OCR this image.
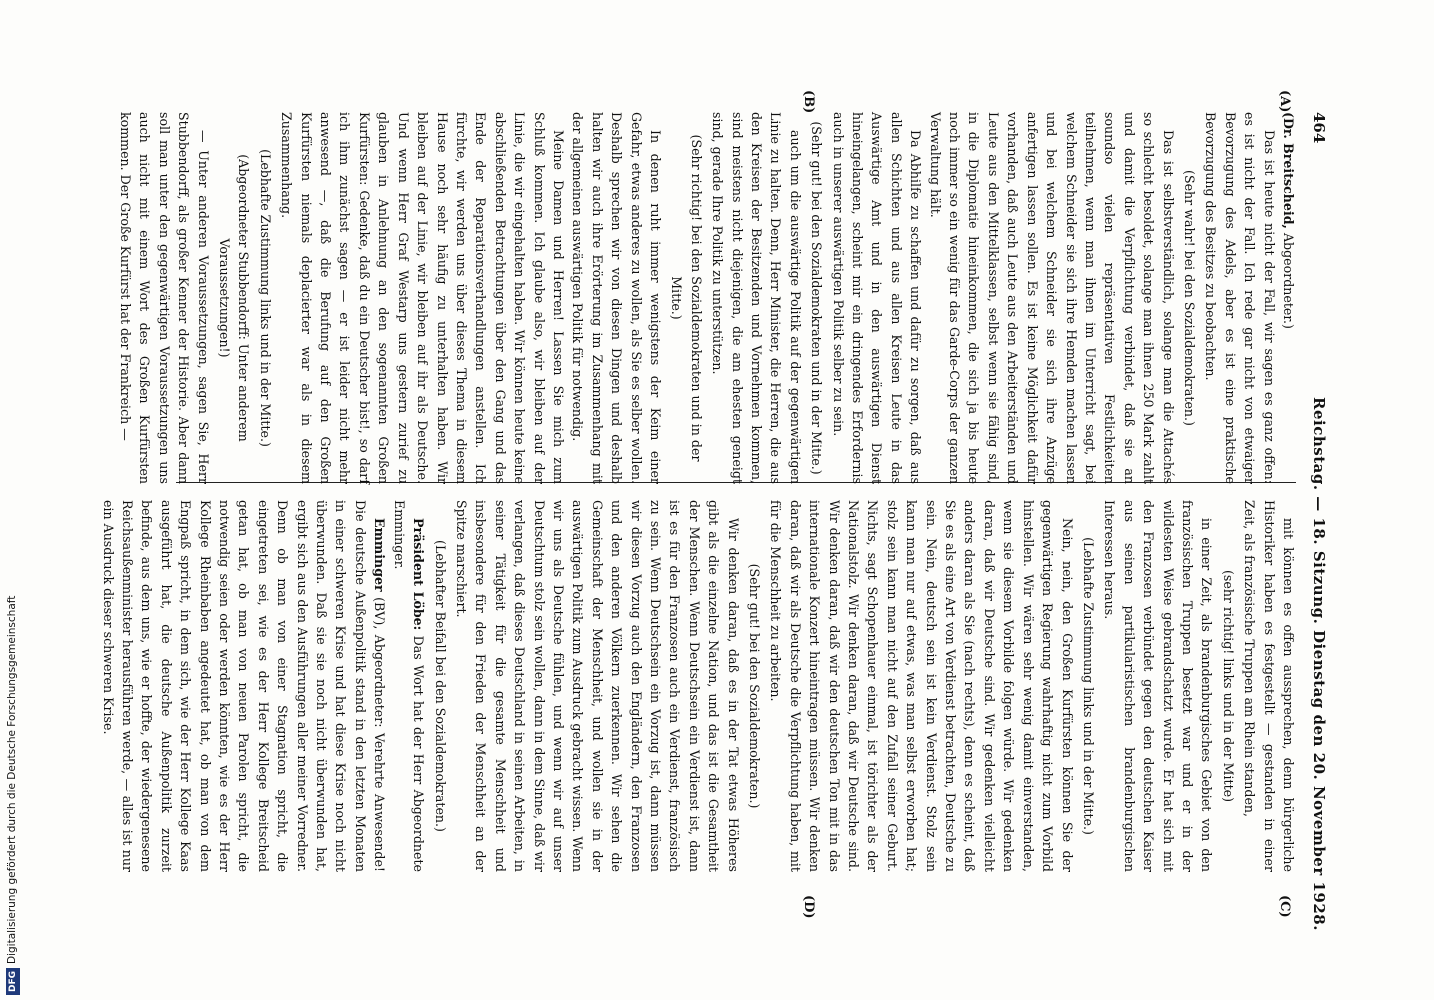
464
Reichstag. — 18. Sitzung. Dienstag den 20. November 1928.
(A)
(B)
(C)
(D)

(Dr. Breitscheid, Abgeordneter.)

Das ist heute nicht der Fall, wir sagen es ganz offen: es ist nicht der Fall. Ich rede gar nicht von etwaiger Bevorzugung des Adels, aber es ist eine praktische Bevorzugung des Besitzes zu beobachten.

(Sehr wahr! bei den Sozialdemokraten.)

Das ist selbstverständlich, solange man die Attachés so schlecht besoldet, solange man ihnen 250 Mark zahlt und damit die Verpflichtung verbindet, daß sie an soundso vielen repräsentativen Festlichkeiten teilnehmen, wenn man ihnen im Unterricht sagt, bei welchem Schneider sie sich ihre Hemden machen lassen und bei welchem Schneider sie sich ihre Anzüge anfertigen lassen sollen. Es ist keine Möglichkeit dafür vorhanden, daß auch Leute aus den Arbeiterständen und Leute aus den Mittelklassen, selbst wenn sie fähig sind, in die Diplomatie hineinkommen, die sich ja bis heute noch immer so ein wenig für das Garde-Corps der ganzen Verwaltung hält.

Da Abhilfe zu schaffen und dafür zu sorgen, daß aus allen Schichten und aus allen Kreisen Leute in das Auswärtige Amt und in den auswärtigen Dienst hineingelangen, scheint mir ein dringendes Erfordernis auch in unserer auswärtigen Politik selber zu sein.

(Sehr gut! bei den Sozialdemokraten und in der Mitte.)

auch um die auswärtige Politik auf der gegenwärtigen Linie zu halten. Denn, Herr Minister, die Herren, die aus den Kreisen der Besitzenden und Vornehmen kommen, sind meistens nicht diejenigen, die am ehesten geneigt sind, gerade Ihre Politik zu unterstützen.

(Sehr richtig! bei den Sozialdemokraten und in der Mitte.)

In denen ruht immer wenigstens der Keim einer Gefahr, etwas anderes zu wollen, als Sie es selber wollen. Deshalb sprechen wir von diesen Dingen und deshalb halten wir auch ihre Erörterung im Zusammenhang mit der allgemeinen auswärtigen Politik für notwendig.

Meine Damen und Herren! Lassen Sie mich zum Schluß kommen. Ich glaube also, wir bleiben auf der Linie, die wir eingehalten haben. Wir können heute keine abschließenden Betrachtungen über den Gang und das Ende der Reparationsverhandlungen anstellen. Ich fürchte, wir werden uns über dieses Thema in diesem Hause noch sehr häufig zu unterhalten haben. Wir bleiben auf der Linie, wir bleiben auf ihr als Deutsche. Und wenn Herr Graf Westarp uns gestern zurief zu glauben in Anlehnung an den sogenannten Großen Kurfürsten: Gedenke, daß du ein Deutscher bist!, so darf ich ihm zunächst sagen — er ist leider nicht mehr anwesend —, daß die Berufung auf den Großen Kurfürsten niemals deplacierter war als in diesem Zusammenhang.

(Lebhafte Zustimmung links und in der Mitte.)

(Abgeordneter Stubbendorff: Unter anderem Voraussetzungen!)

— Unter anderen Voraussetzungen, sagen Sie, Herr Stubbendorff, als großer Kenner der Historie. Aber dann soll man unter den gegenwärtigen Voraussetzungen uns auch nicht mit einem Wort des Großen Kurfürsten kommen. Der Große Kurfürst hat der Frankreich —

mit können es offen aussprechen, denn bürgerliche Historiker haben es festgestellt — gestanden in einer Zeit, als französische Truppen am Rhein standen,

(sehr richtig! links und in der Mitte)

in einer Zeit, als brandenburgisches Gebiet von den französischen Truppen besetzt war und er in der wildesten Weise gebrandschatzt wurde. Er hat sich mit den Franzosen verbündet gegen den deutschen Kaiser aus seinen partikularistischen brandenburgischen Interessen heraus.

(Lebhafte Zustimmung links und in der Mitte.)

Nein, nein, den Großen Kurfürsten können Sie der gegenwärtigen Regierung wahrhaftig nicht zum Vorbild hinstellen. Wir wären sehr wenig damit einverstanden, wenn sie diesem Vorbilde folgen würde. Wir gedenken daran, daß wir Deutsche sind. Wir gedenken vielleicht anders daran als Sie (nach rechts), denn es scheint, daß Sie es als eine Art von Verdienst betrachten, Deutsche zu sein. Nein, deutsch sein ist kein Verdienst. Stolz sein kann man nur auf etwas, was man selbst erworben hat; stolz sein kann man nicht auf den Zufall seiner Geburt. Nichts, sagt Schopenhauer einmal, ist törichter als der Nationalstolz. Wir denken daran, daß wir Deutsche sind. Wir denken daran, daß wir den deutschen Ton mit in das internationale Konzert hineintragen müssen. Wir denken daran, daß wir als Deutsche die Verpflichtung haben, mit für die Menschheit zu arbeiten.

(Sehr gut! bei den Sozialdemokraten.)

Wir denken daran, daß es in der Tat etwas Höheres gibt als die einzelne Nation, und das ist die Gesamtheit der Menschen. Wenn Deutschsein ein Verdienst ist, dann ist es für den Franzosen auch ein Verdienst, französisch zu sein. Wenn Deutschsein ein Vorzug ist, dann müssen wir diesen Vorzug auch den Engländern, den Franzosen und den anderen Völkern zuerkennen. Wir sehen die Gemeinschaft der Menschheit, und wollen sie in der auswärtigen Politik zum Ausdruck gebracht wissen. Wenn wir uns als Deutsche fühlen, und wenn wir auf unser Deutschtum stolz sein wollen, dann in dem Sinne, daß wir verlangen, daß dieses Deutschland in seinen Arbeiten, in seiner Tätigkeit für die gesamte Menschheit und insbesondere für den Frieden der Menschheit an der Spitze marschiert.

(Lebhafter Beifall bei den Sozialdemokraten.)

Präsident Löbe: Das Wort hat der Herr Abgeordnete Emminger.

Emminger (BV), Abgeordneter: Verehrte Anwesende! Die deutsche Außenpolitik stand in den letzten Monaten in einer schweren Krise und hat diese Krise noch nicht überwunden. Daß sie sie noch nicht überwunden hat, ergibt sich aus den Ausführungen aller meiner Vorredner. Denn ob man von einer Stagnation spricht, die eingetreten sei, wie es der Herr Kollege Breitscheid getan hat, ob man von neuen Parolen spricht, die notwendig seien oder werden könnten, wie es der Herr Kollege Rheinbaben angedeutet hat, ob man von dem Engpaß spricht, in dem sich, wie der Herr Kollege Kaas ausgeführt hat, die deutsche Außenpolitik zurzeit befinde, aus dem uns, wie er hoffte, der wiedergenesene Reichsaußenminister herausführen werde, — alles ist nur ein Ausdruck dieser schweren Krise.

DFGDigitalisierung gefördert durch die Deutsche Forschungsgemeinschaft
